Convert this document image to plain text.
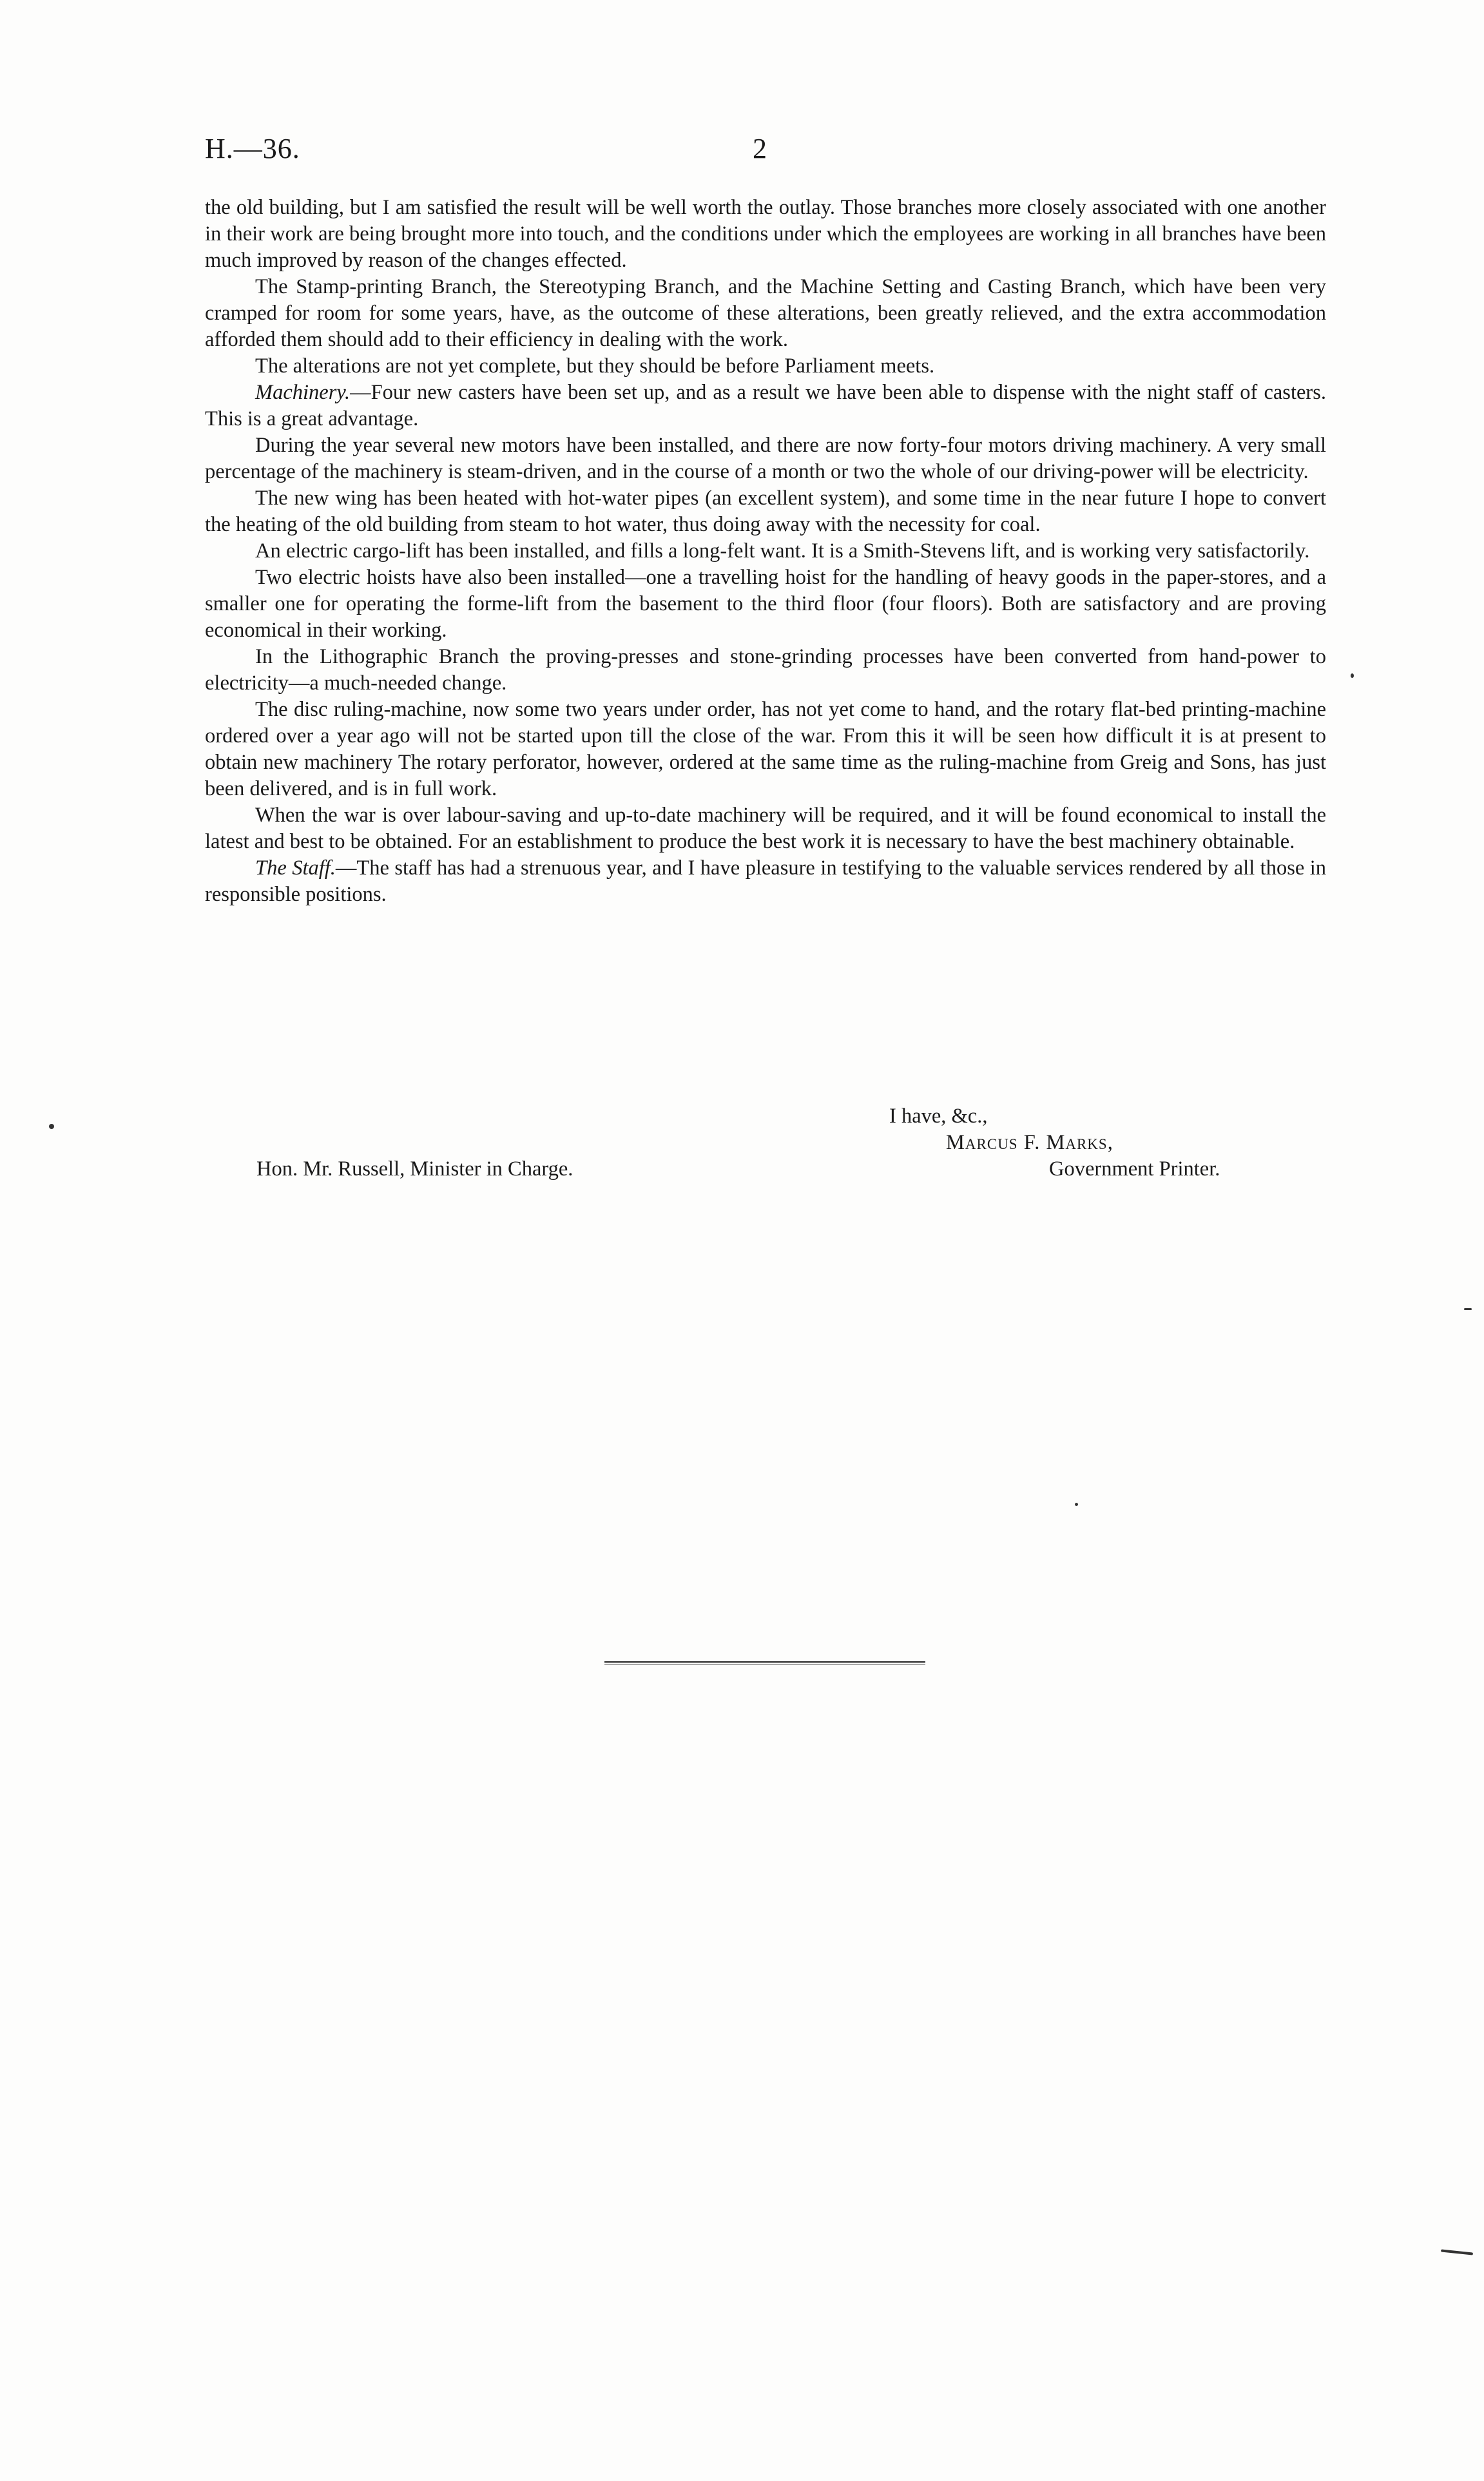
H.—36.	2

the old building, but I am satisfied the result will be well worth the outlay. Those branches more closely associated with one another in their work are being brought more into touch, and the conditions under which the employees are working in all branches have been much improved by reason of the changes effected.

The Stamp-printing Branch, the Stereotyping Branch, and the Machine Setting and Casting Branch, which have been very cramped for room for some years, have, as the outcome of these alterations, been greatly relieved, and the extra accommodation afforded them should add to their efficiency in dealing with the work.

The alterations are not yet complete, but they should be before Parliament meets.

Machinery.—Four new casters have been set up, and as a result we have been able to dispense with the night staff of casters. This is a great advantage.

During the year several new motors have been installed, and there are now forty-four motors driving machinery. A very small percentage of the machinery is steam-driven, and in the course of a month or two the whole of our driving-power will be electricity.

The new wing has been heated with hot-water pipes (an excellent system), and some time in the near future I hope to convert the heating of the old building from steam to hot water, thus doing away with the necessity for coal.

An electric cargo-lift has been installed, and fills a long-felt want. It is a Smith-Stevens lift, and is working very satisfactorily.

Two electric hoists have also been installed—one a travelling hoist for the handling of heavy goods in the paper-stores, and a smaller one for operating the forme-lift from the basement to the third floor (four floors). Both are satisfactory and are proving economical in their working.

In the Lithographic Branch the proving-presses and stone-grinding processes have been converted from hand-power to electricity—a much-needed change.

The disc ruling-machine, now some two years under order, has not yet come to hand, and the rotary flat-bed printing-machine ordered over a year ago will not be started upon till the close of the war. From this it will be seen how difficult it is at present to obtain new machinery The rotary perforator, however, ordered at the same time as the ruling-machine from Greig and Sons, has just been delivered, and is in full work.

When the war is over labour-saving and up-to-date machinery will be required, and it will be found economical to install the latest and best to be obtained. For an establishment to produce the best work it is necessary to have the best machinery obtainable.

The Staff.—The staff has had a strenuous year, and I have pleasure in testifying to the valuable services rendered by all those in responsible positions.

I have, &c.,
Marcus F. Marks,
Hon. Mr. Russell, Minister in Charge.	Government Printer.
